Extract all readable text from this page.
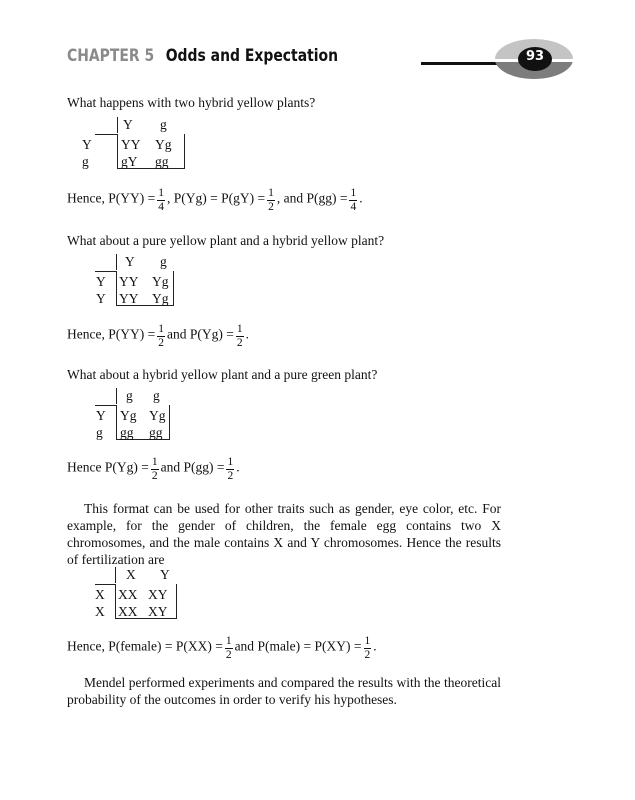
CHAPTER 5 Odds and Expectation	93
What happens with two hybrid yellow plants?
Y g
Y
g
YY Yg
gY gg
Hence, $P(YY) = \frac{1}{4}$ , $P(Yg) = P(gY) = \frac{1}{2}$ , and $P(gg) = \frac{1}{4}$ .
What about a pure yellow plant and a hybrid yellow plant?
Y g
Y
Y
YY Yg
YY Yg
Hence, $P(YY) = \frac{1}{2}$ and $P(Yg) = \frac{1}{2}$ .
What about a hybrid yellow plant and a pure green plant?
g g
Y
g
Yg Yg
gg gg
Hence $P(Yg) = \frac{1}{2}$ and $P(gg) = \frac{1}{2}$ .
This format can be used for other traits such as gender, eye color, etc. For example, for the gender of children, the female egg contains two X chromosomes, and the male contains X and Y chromosomes. Hence the results of fertilization are
X Y
X
X
XX XY
XX XY
Hence, P(female) = $P(XX) = \frac{1}{2}$ and P(male) = $P(XY) = \frac{1}{2}$ .
Mendel performed experiments and compared the results with the theoretical probability of the outcomes in order to verify his hypotheses.
